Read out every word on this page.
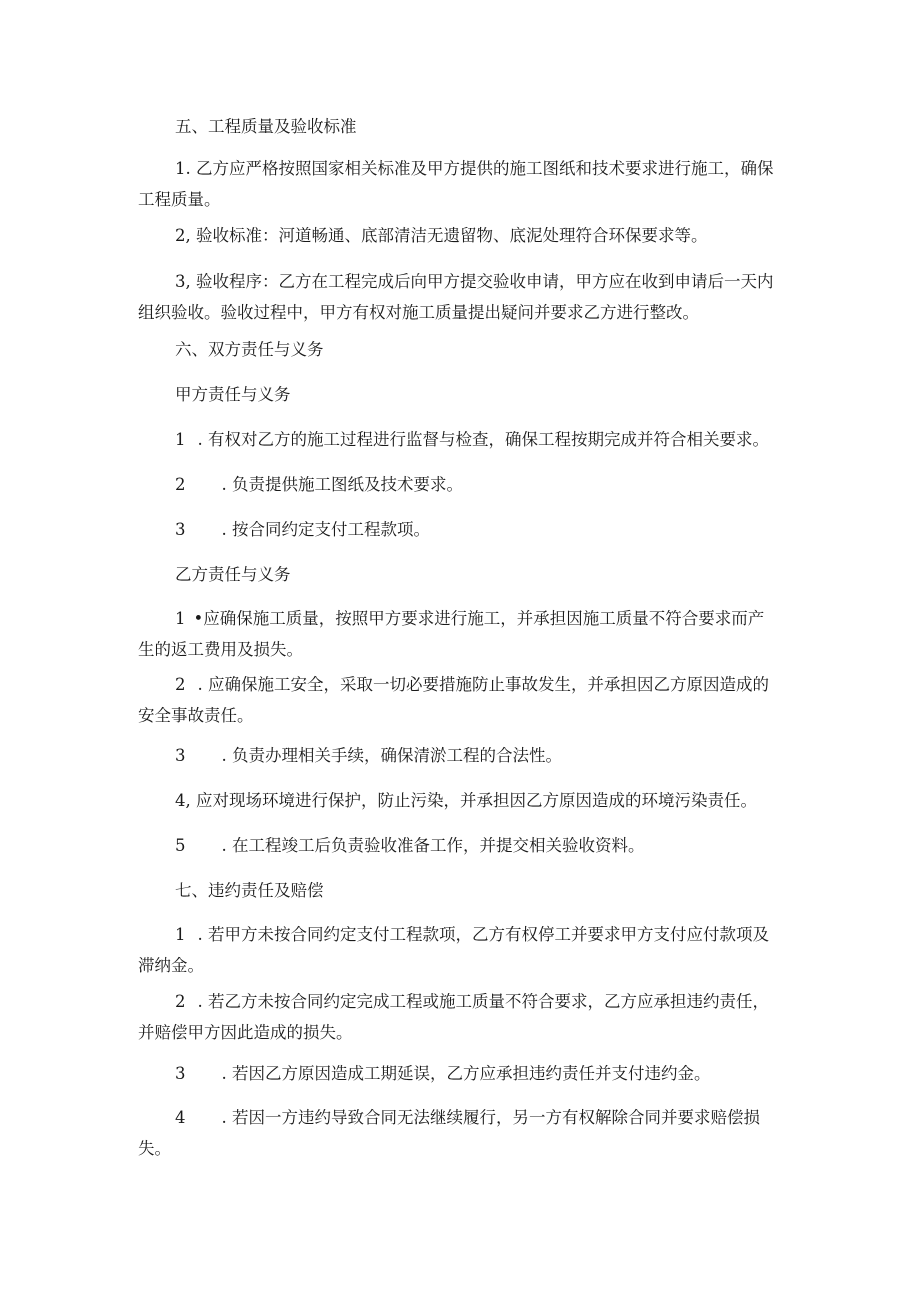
五、工程质量及验收标准
1. 乙方应严格按照国家相关标准及甲方提供的施工图纸和技术要求进行施工，确保
工程质量。
2, 验收标准：河道畅通、底部清洁无遗留物、底泥处理符合环保要求等。
3, 验收程序：乙方在工程完成后向甲方提交验收申请，甲方应在收到申请后一天内
组织验收。验收过程中，甲方有权对施工质量提出疑问并要求乙方进行整改。
六、双方责任与义务
甲方责任与义务
1 . 有权对乙方的施工过程进行监督与检查，确保工程按期完成并符合相关要求。
2 . 负责提供施工图纸及技术要求。
3 . 按合同约定支付工程款项。
乙方责任与义务
1 •应确保施工质量，按照甲方要求进行施工，并承担因施工质量不符合要求而产
生的返工费用及损失。
2 . 应确保施工安全，采取一切必要措施防止事故发生，并承担因乙方原因造成的
安全事故责任。
3 . 负责办理相关手续，确保清淤工程的合法性。
4, 应对现场环境进行保护，防止污染，并承担因乙方原因造成的环境污染责任。
5 . 在工程竣工后负责验收准备工作，并提交相关验收资料。
七、违约责任及赔偿
1 . 若甲方未按合同约定支付工程款项，乙方有权停工并要求甲方支付应付款项及
滞纳金。
2 . 若乙方未按合同约定完成工程或施工质量不符合要求，乙方应承担违约责任，
并赔偿甲方因此造成的损失。
3 . 若因乙方原因造成工期延误，乙方应承担违约责任并支付违约金。
4 . 若因一方违约导致合同无法继续履行，另一方有权解除合同并要求赔偿损
失。
